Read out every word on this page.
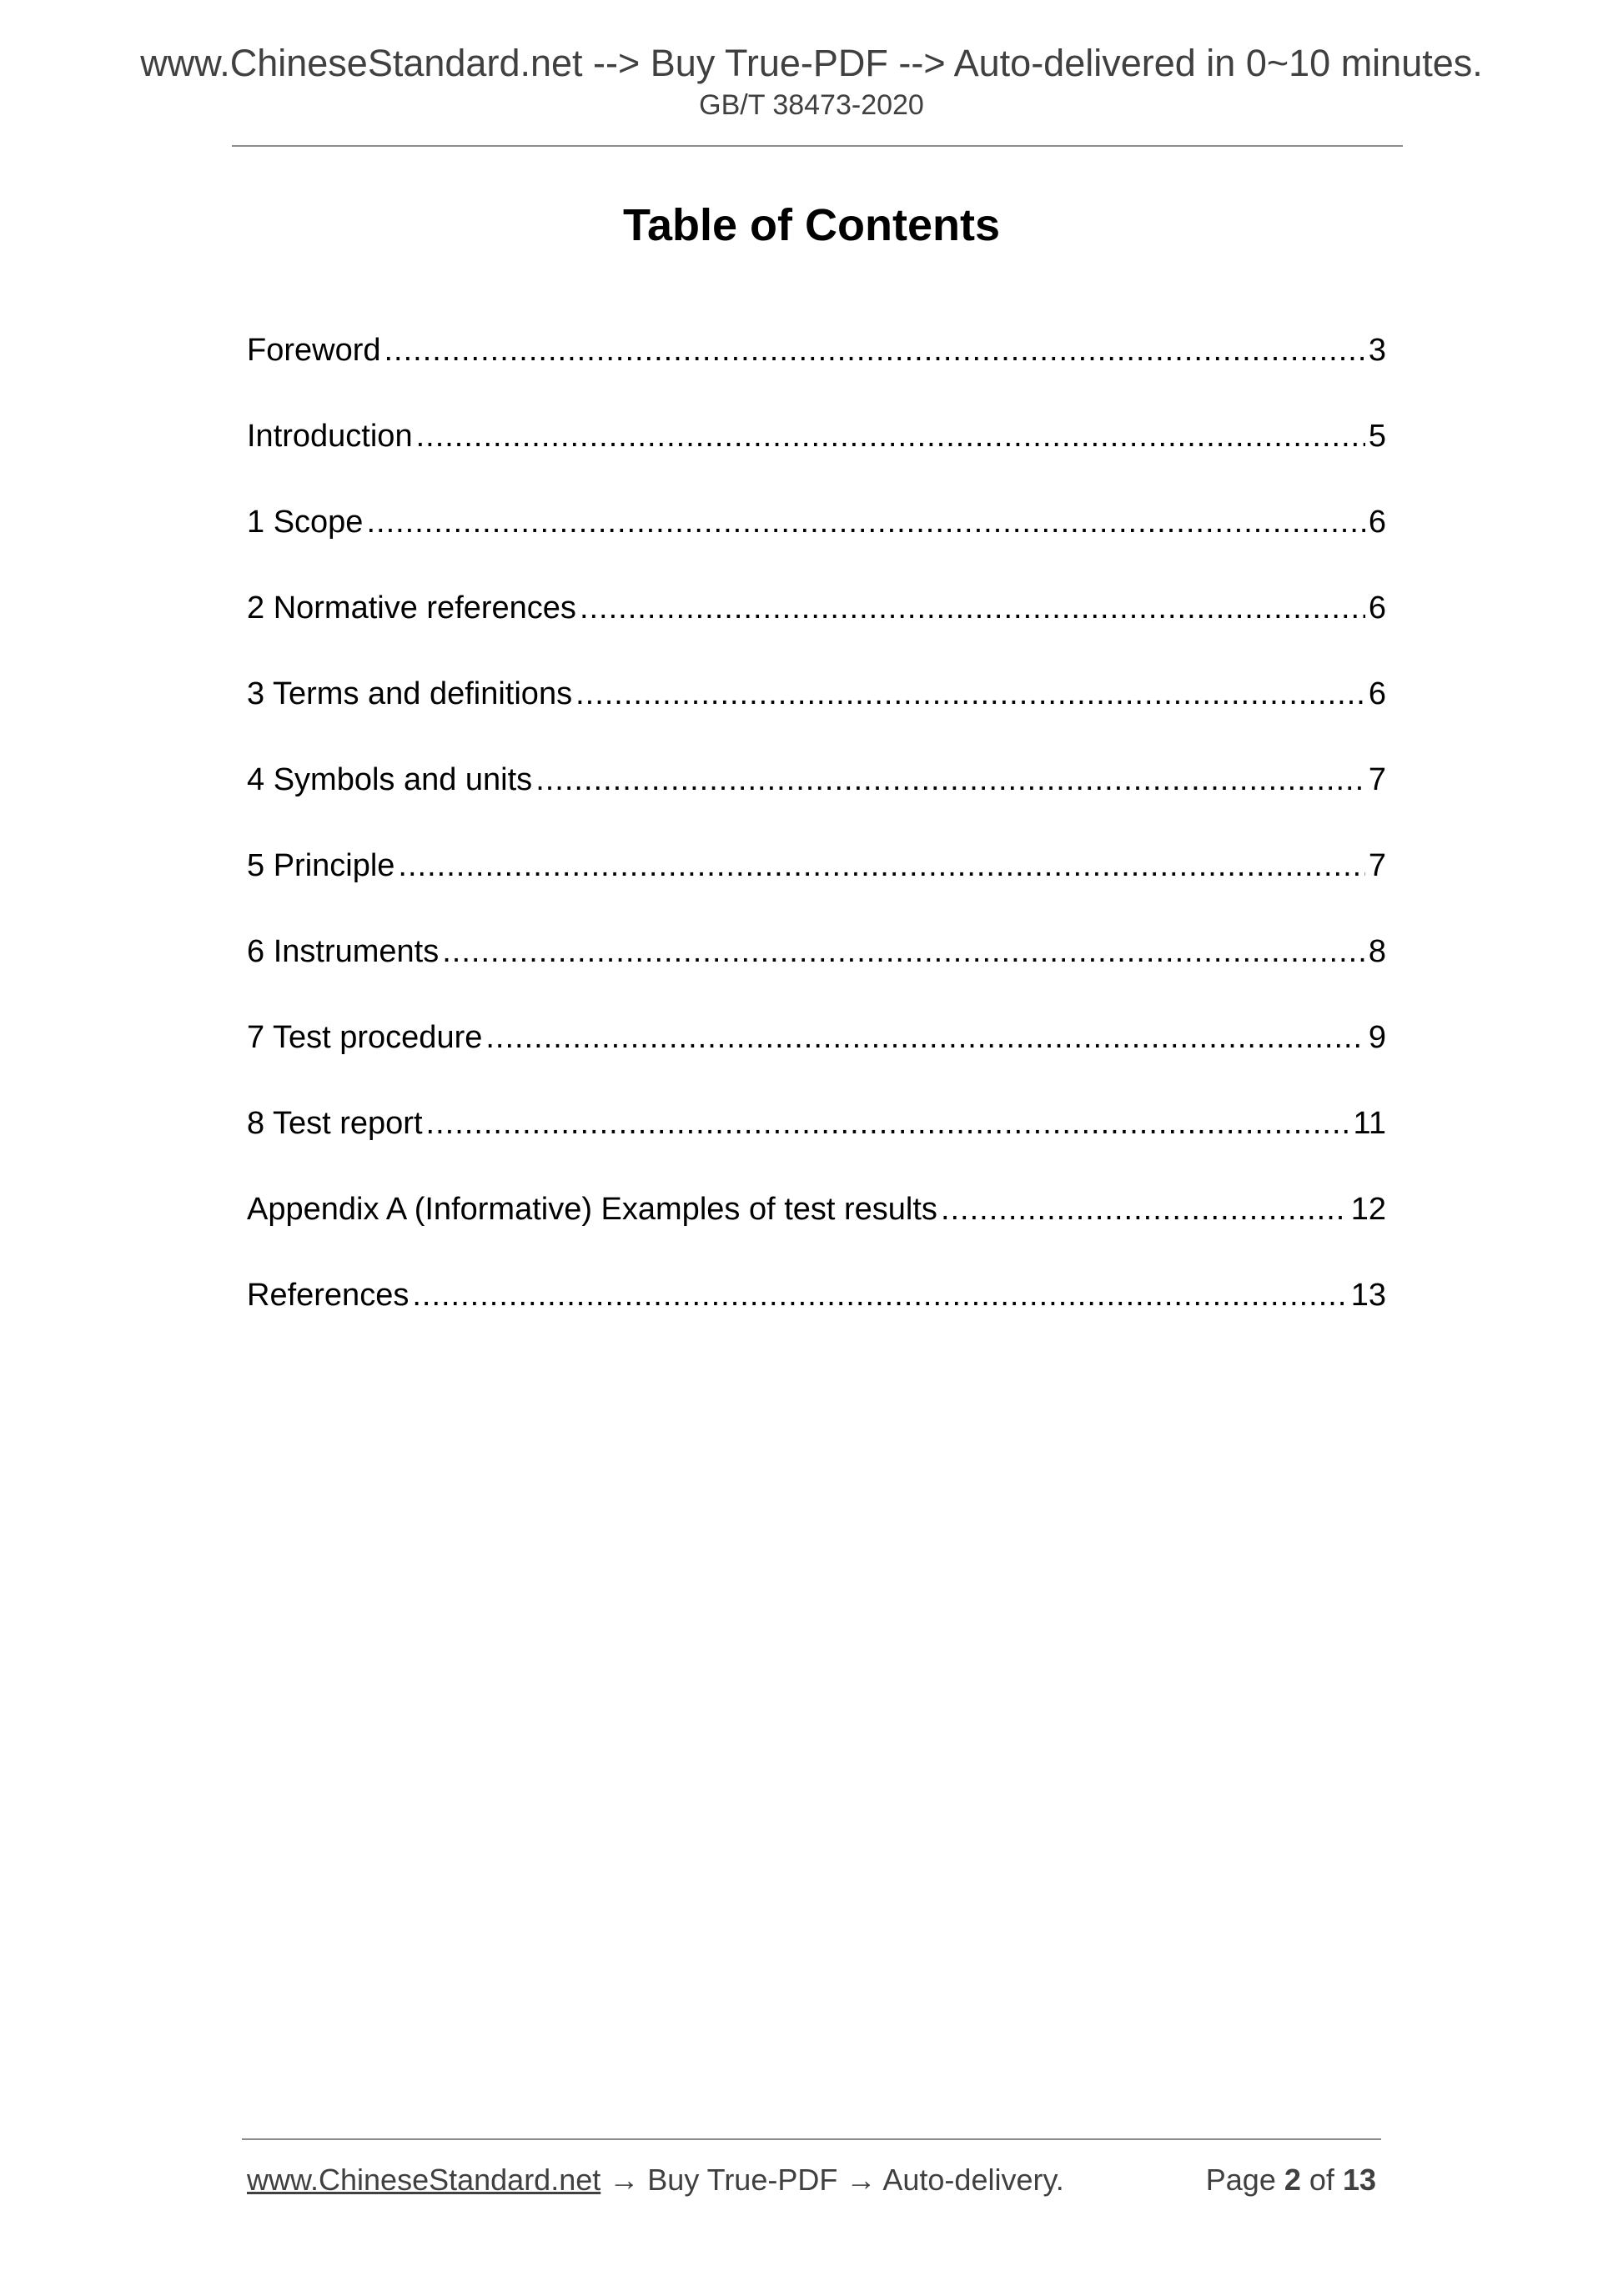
www.ChineseStandard.net --> Buy True-PDF --> Auto-delivered in 0~10 minutes.
GB/T 38473-2020
Table of Contents
Foreword .....	3
Introduction .....	5
1 Scope .....	6
2 Normative references .....	6
3 Terms and definitions .....	6
4 Symbols and units .....	7
5 Principle .....	7
6 Instruments .....	8
7 Test procedure .....	9
8 Test report .....	11
Appendix A (Informative) Examples of test results .....	12
References .....	13
www.ChineseStandard.net → Buy True-PDF → Auto-delivery.	Page 2 of 13
